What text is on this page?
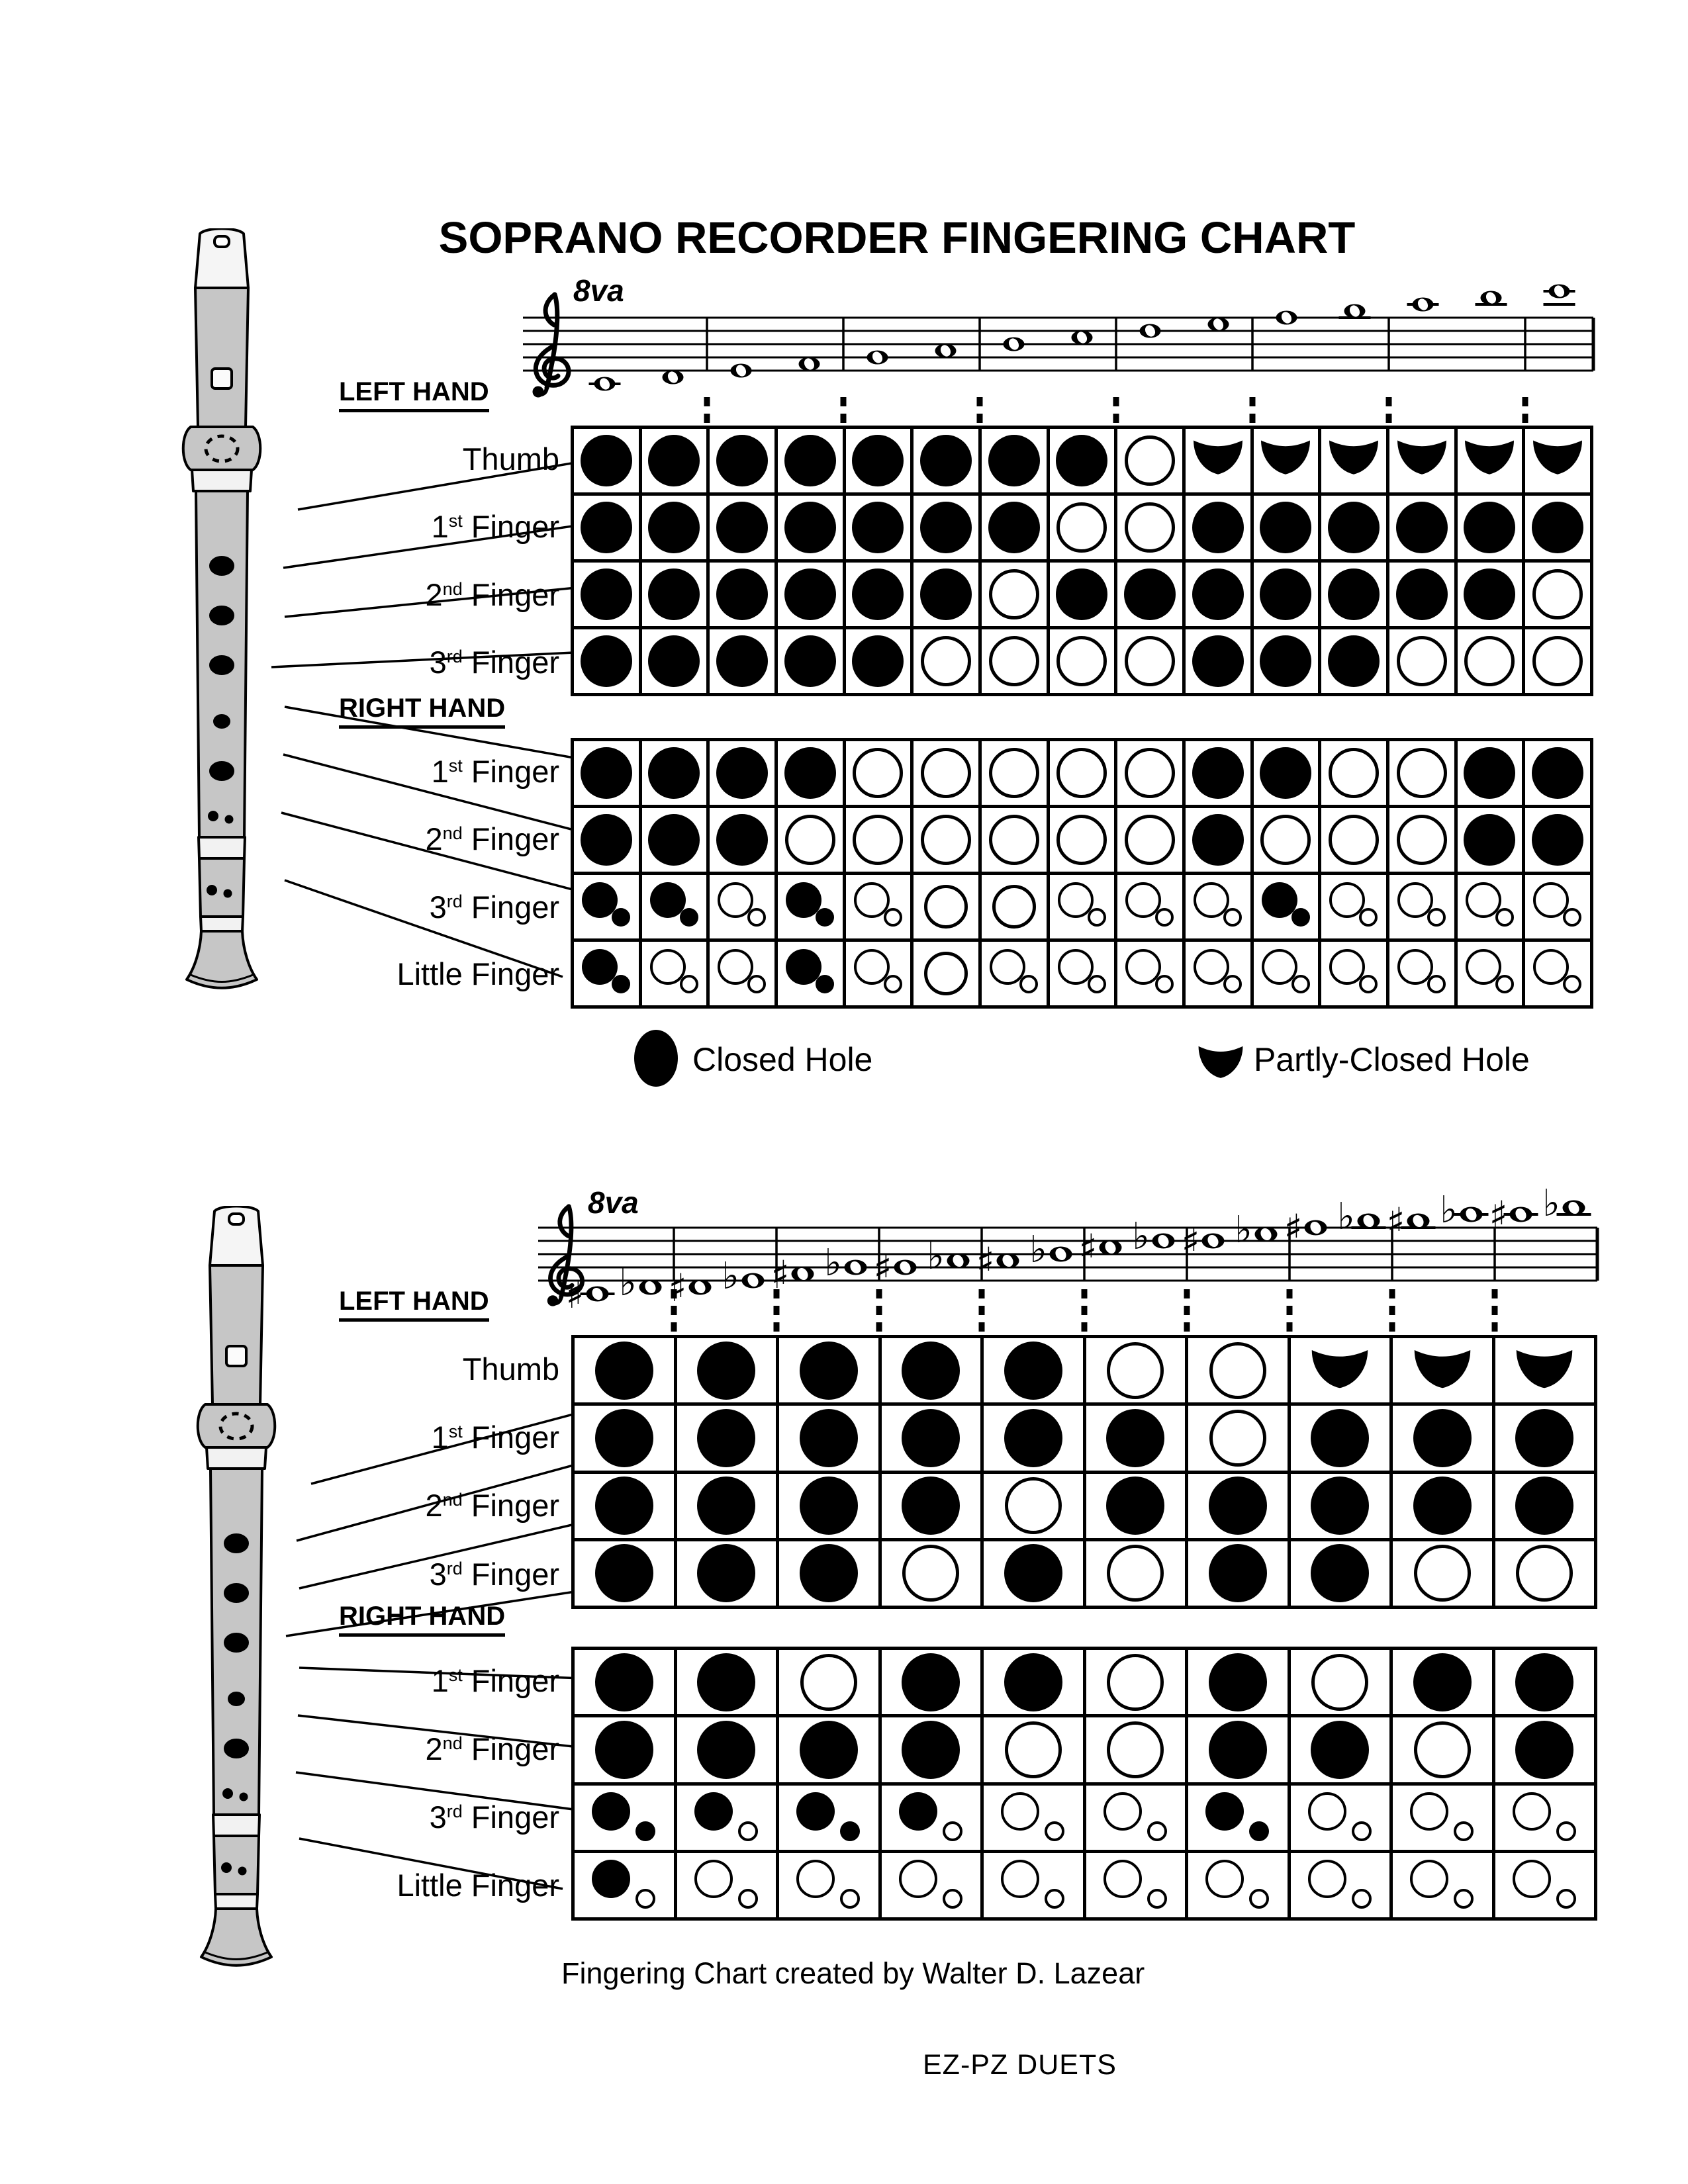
SOPRANO RECORDER FINGERING CHART
8va
8va
♯ ♭ ♯ ♭ ♯ ♭ ♯ ♭ ♯ ♭ ♯ ♭ ♯ ♭ ♯ ♭ ♯ ♭ ♯ ♭
LEFT HAND
RIGHT HAND
Thumb
1st Finger
2nd Finger
3rd Finger
1st Finger
2nd Finger
3rd Finger
Little Finger
LEFT HAND
RIGHT HAND
Thumb
1st Finger
2nd Finger
3rd Finger
1st Finger
2nd Finger
3rd Finger
Little Finger
Closed Hole	Partly-Closed Hole
Fingering Chart created by Walter D. Lazear
EZ-PZ DUETS
